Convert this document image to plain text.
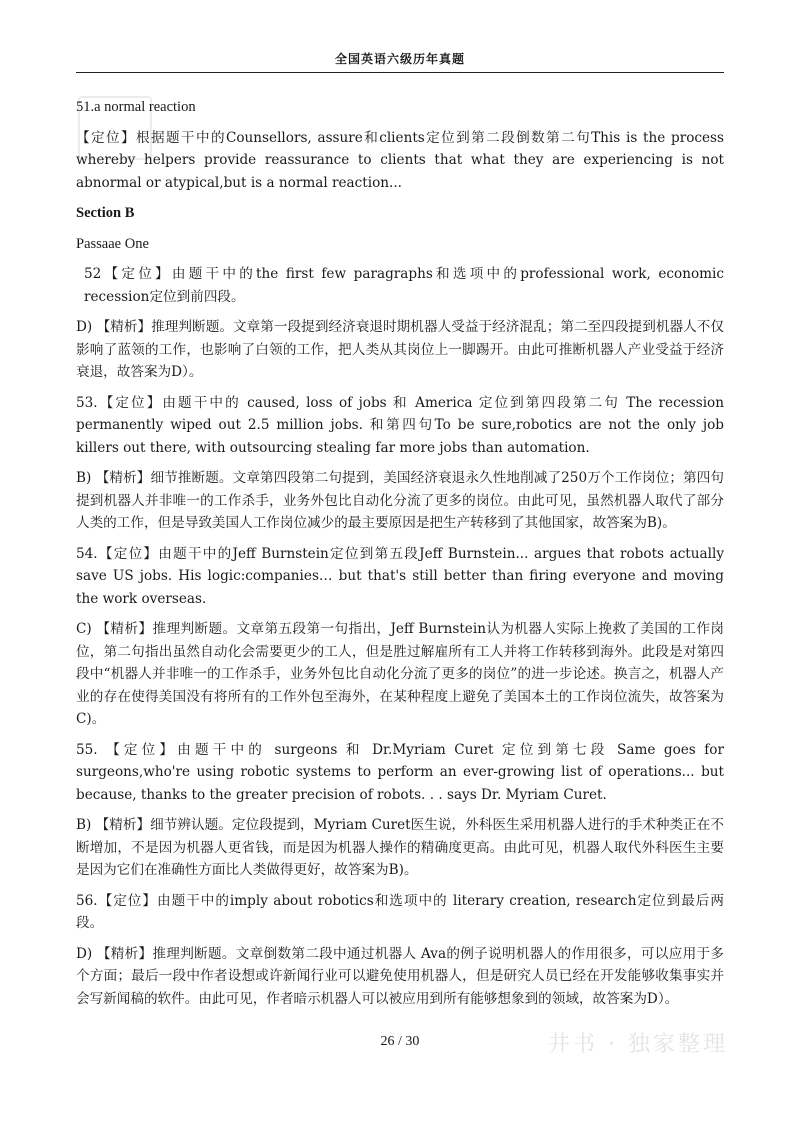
全国英语六级历年真题

51.a normal reaction

【定位】根据题干中的Counsellors, assure和clients定位到第二段倒数第二句This is the process whereby helpers provide reassurance to clients that what they are experiencing is not abnormal or atypical,but is a normal reaction...

Section B

Passaae One

52【定位】由题干中的the first few paragraphs和选项中的professional work, economic recession定位到前四段。

D) 【精析】推理判断题。文章第一段提到经济衰退时期机器人受益于经济混乱；第二至四段提到机器人不仅影响了蓝领的工作，也影响了白领的工作，把人类从其岗位上一脚踢开。由此可推断机器人产业受益于经济衰退，故答案为D）。

53.【定位】由题干中的 caused, loss of jobs 和 America 定位到第四段第二句 The recession permanently wiped out 2.5 million jobs. 和第四句To be sure,robotics are not the only job killers out there, with outsourcing stealing far more jobs than automation.

B) 【精析】细节推断题。文章第四段第二句提到，美国经济衰退永久性地削减了250万个工作岗位；第四句提到机器人并非唯一的工作杀手，业务外包比自动化分流了更多的岗位。由此可见，虽然机器人取代了部分人类的工作，但是导致美国人工作岗位减少的最主要原因是把生产转移到了其他国家，故答案为B)。

54.【定位】由题干中的Jeff Burnstein定位到第五段Jeff Burnstein... argues that robots actually save US jobs. His logic:companies… but that's still better than firing everyone and moving the work overseas.

C) 【精析】推理判断题。文章第五段第一句指出，Jeff Burnstein认为机器人实际上挽救了美国的工作岗位，第二句指出虽然自动化会需要更少的工人，但是胜过解雇所有工人并将工作转移到海外。此段是对第四段中“机器人并非唯一的工作杀手，业务外包比自动化分流了更多的岗位”的进一步论述。换言之，机器人产业的存在使得美国没有将所有的工作外包至海外，在某种程度上避免了美国本土的工作岗位流失，故答案为C)。

55. 【定位】由题干中的 surgeons 和 Dr.Myriam Curet 定位到第七段 Same goes for surgeons,who're using robotic systems to perform an ever-growing list of operations... but because, thanks to the greater precision of robots. . . says Dr. Myriam Curet.

B) 【精析】细节辨认题。定位段提到，Myriam Curet医生说，外科医生采用机器人进行的手术种类正在不断增加，不是因为机器人更省钱，而是因为机器人操作的精确度更高。由此可见，机器人取代外科医生主要是因为它们在准确性方面比人类做得更好，故答案为B)。

56.【定位】由题干中的imply about robotics和选项中的 literary creation, research定位到最后两段。

D) 【精析】推理判断题。文章倒数第二段中通过机器人 Ava的例子说明机器人的作用很多，可以应用于多个方面；最后一段中作者设想或许新闻行业可以避免使用机器人，但是研究人员已经在开发能够收集事实并会写新闻稿的软件。由此可见，作者暗示机器人可以被应用到所有能够想象到的领域，故答案为D）。

26 / 30	井书 · 独家整理
